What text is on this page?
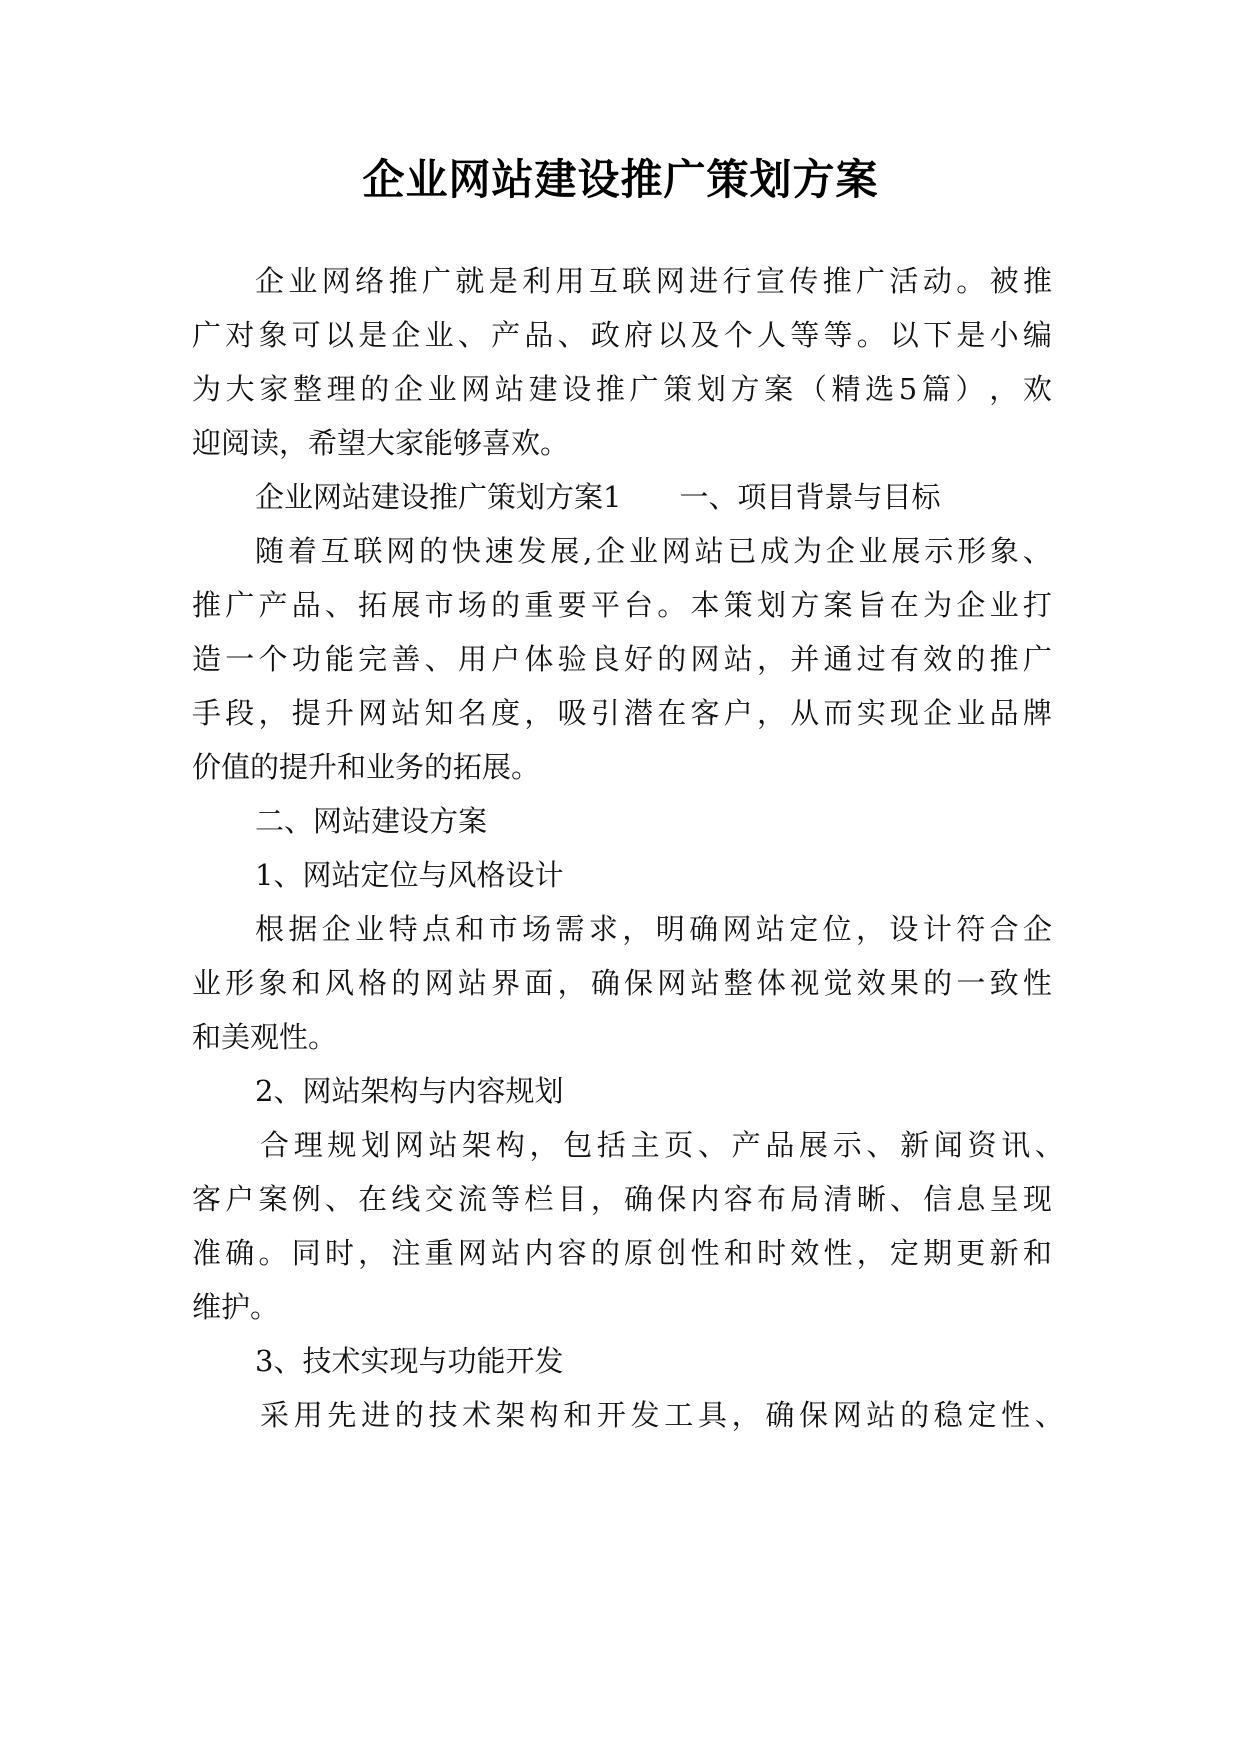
企业网站建设推广策划方案
企 业 网 络 推 广 就 是 利 用 互 联 网 进 行 宣 传 推 广 活 动 。 被 推
广 对 象 可 以 是 企 业 、 产 品 、 政 府 以 及 个 人 等 等 。 以 下 是 小 编
为 大 家 整 理 的 企 业 网 站 建 设 推 广 策 划 方 案 （ 精 选 5 篇 ） ， 欢
迎阅读，希望大家能够喜欢。
企业网站建设推广策划方案1　　一、项目背景与目标
随 着 互 联 网 的 快 速 发 展 , 企 业 网 站 已 成 为 企 业 展 示 形 象 、
推 广 产 品 、 拓 展 市 场 的 重 要 平 台 。 本 策 划 方 案 旨 在 为 企 业 打
造 一 个 功 能 完 善 、 用 户 体 验 良 好 的 网 站 ， 并 通 过 有 效 的 推 广
手 段 ， 提 升 网 站 知 名 度 ， 吸 引 潜 在 客 户 ， 从 而 实 现 企 业 品 牌
价值的提升和业务的拓展。
二、网站建设方案
1、网站定位与风格设计
根 据 企 业 特 点 和 市 场 需 求 ， 明 确 网 站 定 位 ， 设 计 符 合 企
业 形 象 和 风 格 的 网 站 界 面 ， 确 保 网 站 整 体 视 觉 效 果 的 一 致 性
和美观性。
2、网站架构与内容规划
合 理 规 划 网 站 架 构 ， 包 括 主 页 、 产 品 展 示 、 新 闻 资 讯 、
客 户 案 例 、 在 线 交 流 等 栏 目 ， 确 保 内 容 布 局 清 晰 、 信 息 呈 现
准 确 。 同 时 ， 注 重 网 站 内 容 的 原 创 性 和 时 效 性 ， 定 期 更 新 和
维护。
3、技术实现与功能开发
采 用 先 进 的 技 术 架 构 和 开 发 工 具 ， 确 保 网 站 的 稳 定 性 、
